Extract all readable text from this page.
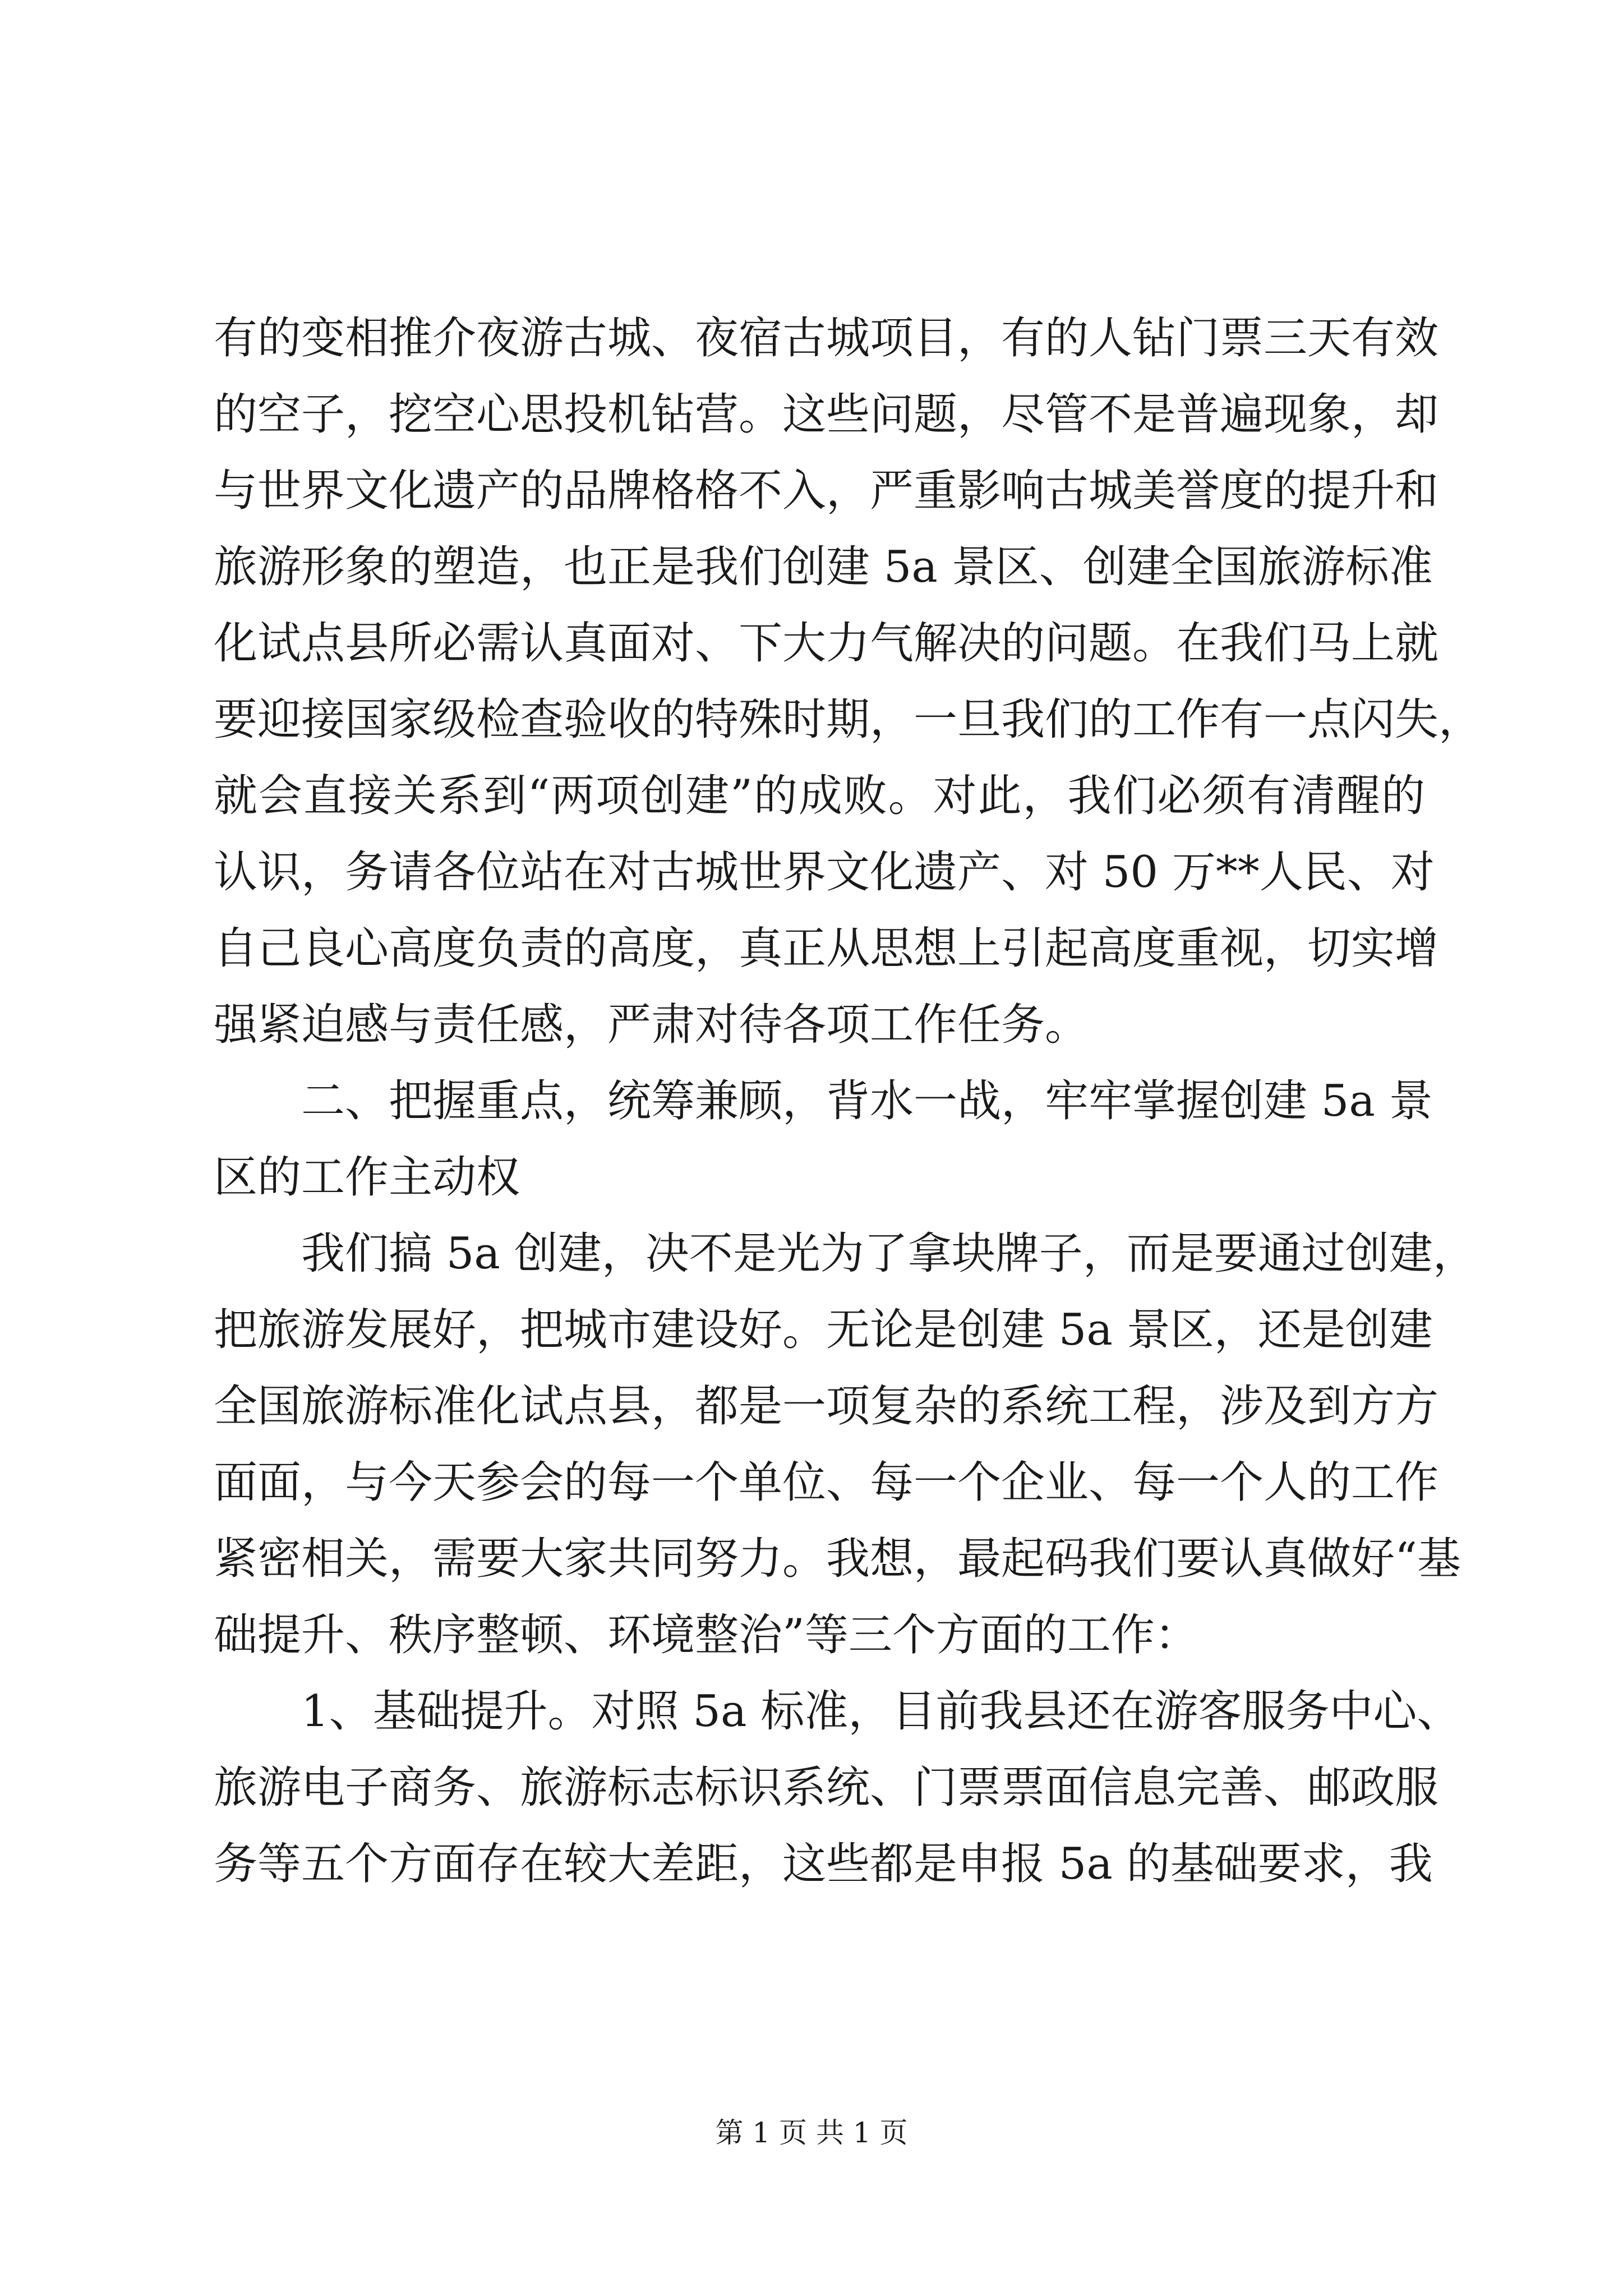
有的变相推介夜游古城、夜宿古城项目，有的人钻门票三天有效
的空子，挖空心思投机钻营。这些问题，尽管不是普遍现象，却
与世界文化遗产的品牌格格不入，严重影响古城美誉度的提升和
旅游形象的塑造，也正是我们创建 5a 景区、创建全国旅游标准
化试点县所必需认真面对、下大力气解决的问题。在我们马上就
要迎接国家级检查验收的特殊时期，一旦我们的工作有一点闪失，
就会直接关系到“两项创建”的成败。对此，我们必须有清醒的
认识，务请各位站在对古城世界文化遗产、对 50 万**人民、对
自己良心高度负责的高度，真正从思想上引起高度重视，切实增
强紧迫感与责任感，严肃对待各项工作任务。
　　二、把握重点，统筹兼顾，背水一战，牢牢掌握创建 5a 景
区的工作主动权
　　我们搞 5a 创建，决不是光为了拿块牌子，而是要通过创建，
把旅游发展好，把城市建设好。无论是创建 5a 景区，还是创建
全国旅游标准化试点县，都是一项复杂的系统工程，涉及到方方
面面，与今天参会的每一个单位、每一个企业、每一个人的工作
紧密相关，需要大家共同努力。我想，最起码我们要认真做好“基
础提升、秩序整顿、环境整治”等三个方面的工作：
　　1、基础提升。对照 5a 标准，目前我县还在游客服务中心、
旅游电子商务、旅游标志标识系统、门票票面信息完善、邮政服
务等五个方面存在较大差距，这些都是申报 5a 的基础要求，我
第 1 页 共 1 页
